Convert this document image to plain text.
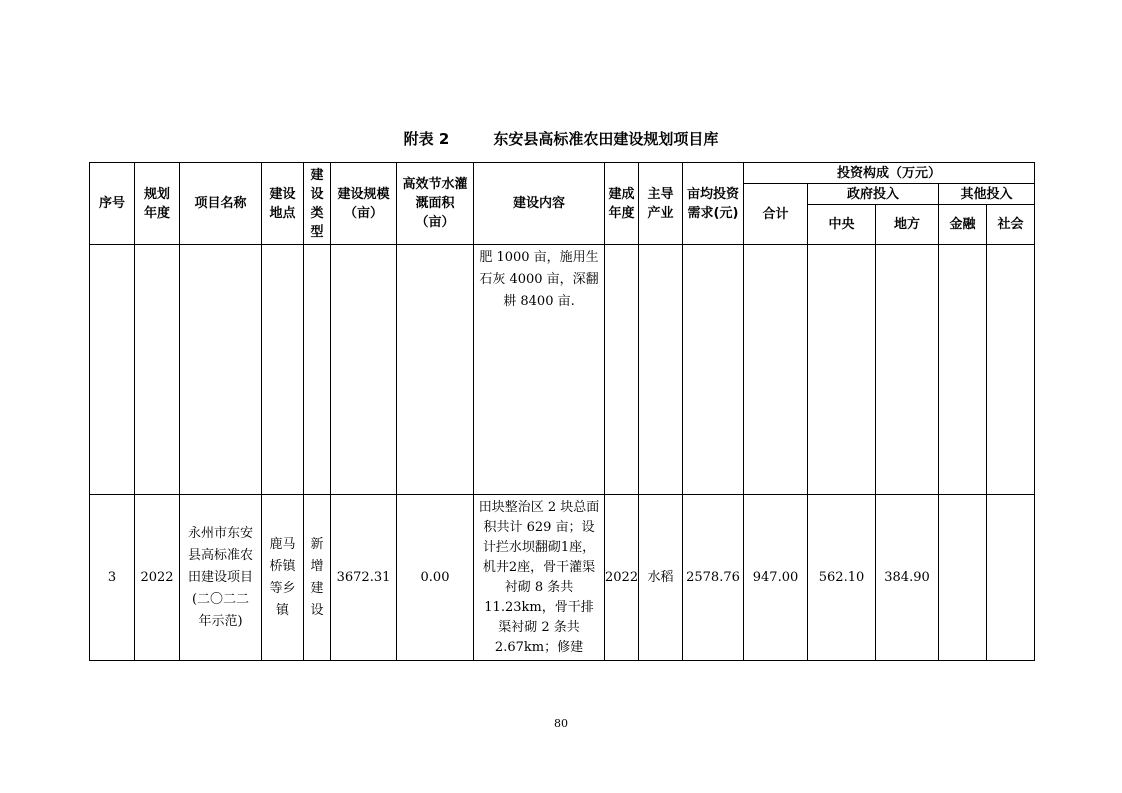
附表 2	东安县高标准农田建设规划项目库
序号	规划年度	项目名称	建设地点	建设类型	建设规模（亩）	高效节水灌溉面积（亩）	建设内容	建成年度	主导产业	亩均投资需求(元)	投资构成（万元）				
											合计	政府投入		其他投入	
												中央	地方	金融	社会

							肥 1000 亩，施用生石灰 4000 亩，深翻耕 8400 亩.								

3	2022	永州市东安县高标准农田建设项目(二〇二二年示范)	鹿马桥镇等乡镇	新增建设	3672.31	0.00	田块整治区 2 块总面积共计 629 亩；设计拦水坝翻砌1座，机井2座，骨干灌渠衬砌 8 条共 11.23km，骨干排渠衬砌 2 条共 2.67km；修建	2022	水稻	2578.76	947.00	562.10	384.90		
80
